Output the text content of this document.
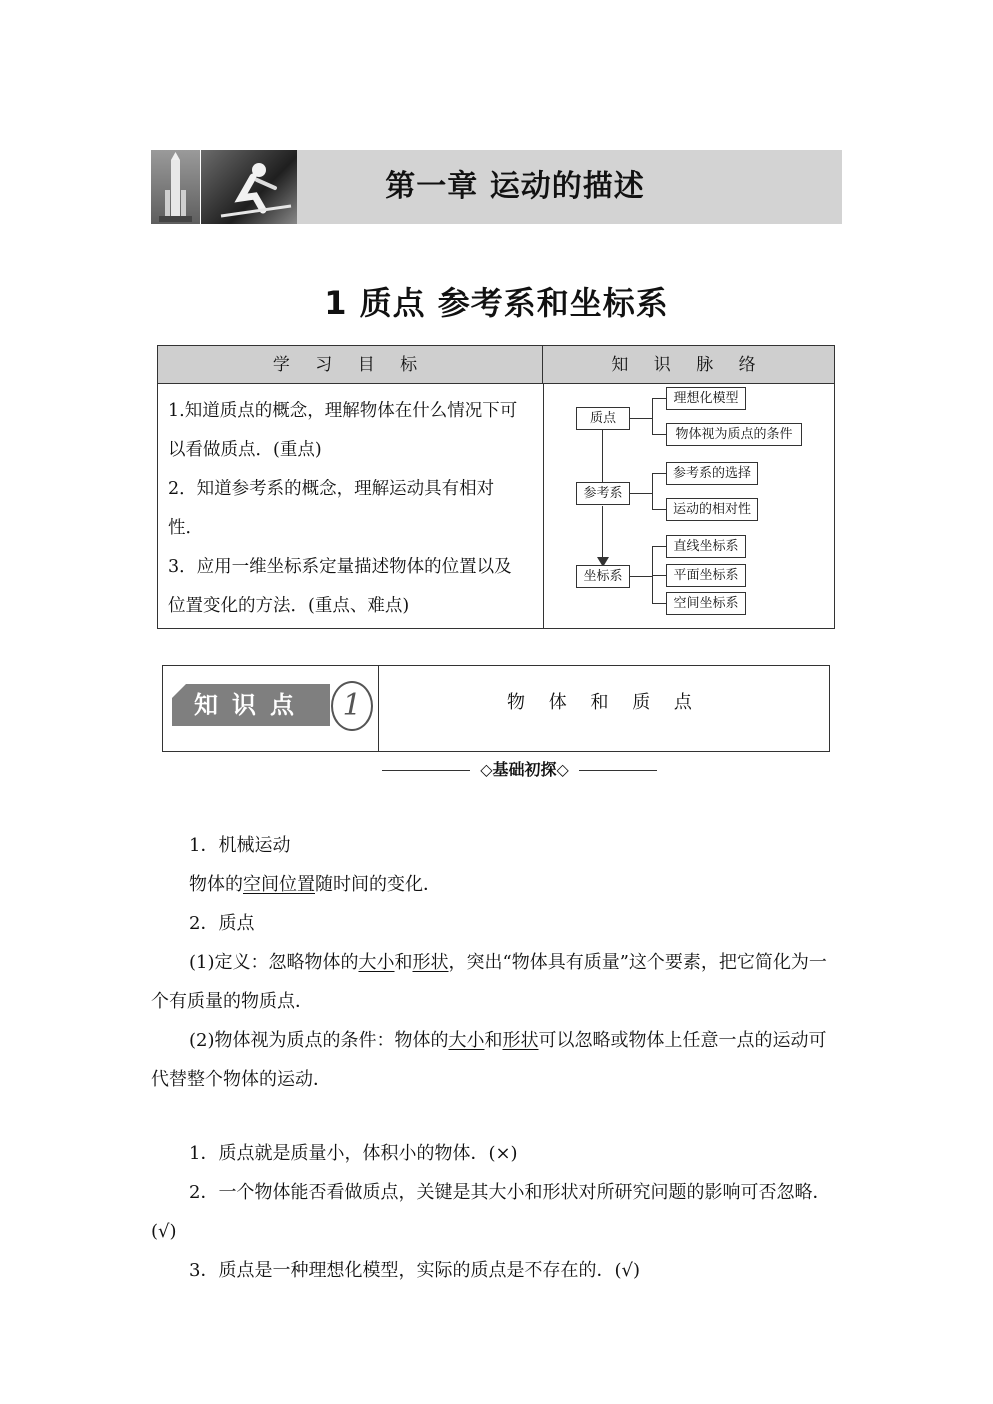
第一章 运动的描述
1 质点 参考系和坐标系
学 习 目 标	知 识 脉 络
1.知道质点的概念，理解物体在什么情况下可以看做质点．(重点)
2．知道参考系的概念，理解运动具有相对性．
3．应用一维坐标系定量描述物体的位置以及位置变化的方法．(重点、难点)
质点
参考系
坐标系
理想化模型
物体视为质点的条件
参考系的选择
运动的相对性
直线坐标系
平面坐标系
空间坐标系
知识点	1	物 体 和 质 点
◇基础初探◇
1．机械运动
物体的空间位置随时间的变化．
2．质点
(1)定义：忽略物体的大小和形状，突出“物体具有质量”这个要素，把它简化为一个有质量的物质点．
(2)物体视为质点的条件：物体的大小和形状可以忽略或物体上任意一点的运动可代替整个物体的运动．
1．质点就是质量小，体积小的物体．(×)
2．一个物体能否看做质点，关键是其大小和形状对所研究问题的影响可否忽略．(√)
3．质点是一种理想化模型，实际的质点是不存在的．(√)
